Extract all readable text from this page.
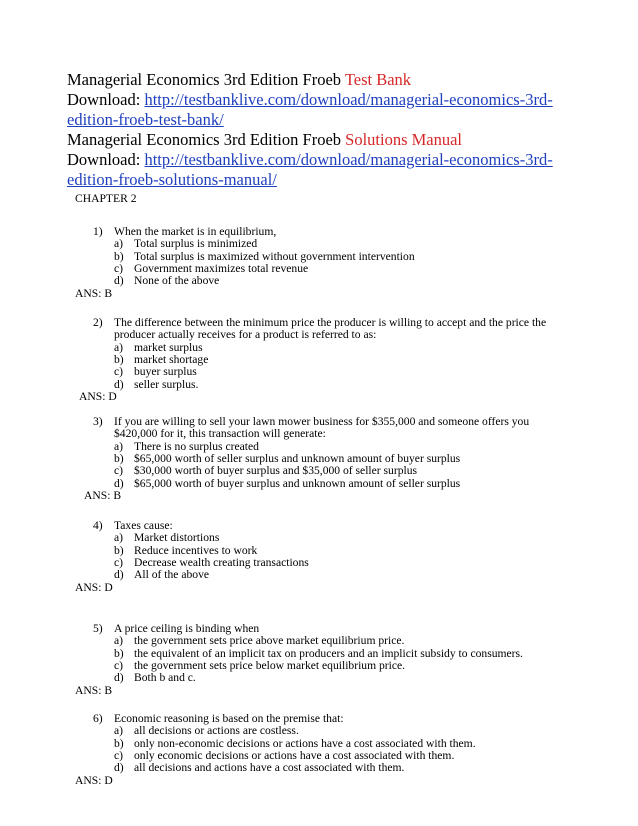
Managerial Economics 3rd Edition Froeb Test Bank
Download: http://testbanklive.com/download/managerial-economics-3rd-
edition-froeb-test-bank/
Managerial Economics 3rd Edition Froeb Solutions Manual
Download: http://testbanklive.com/download/managerial-economics-3rd-
edition-froeb-solutions-manual/
CHAPTER 2
1) When the market is in equilibrium,
a) Total surplus is minimized
b) Total surplus is maximized without government intervention
c) Government maximizes total revenue
d) None of the above
ANS: B
2) The difference between the minimum price the producer is willing to accept and the price the
producer actually receives for a product is referred to as:
a) market surplus
b) market shortage
c) buyer surplus
d) seller surplus.
ANS: D
3) If you are willing to sell your lawn mower business for $355,000 and someone offers you
$420,000 for it, this transaction will generate:
a) There is no surplus created
b) $65,000 worth of seller surplus and unknown amount of buyer surplus
c) $30,000 worth of buyer surplus and $35,000 of seller surplus
d) $65,000 worth of buyer surplus and unknown amount of seller surplus
ANS: B
4) Taxes cause:
a) Market distortions
b) Reduce incentives to work
c) Decrease wealth creating transactions
d) All of the above
ANS: D
5) A price ceiling is binding when
a) the government sets price above market equilibrium price.
b) the equivalent of an implicit tax on producers and an implicit subsidy to consumers.
c) the government sets price below market equilibrium price.
d) Both b and c.
ANS: B
6) Economic reasoning is based on the premise that:
a) all decisions or actions are costless.
b) only non-economic decisions or actions have a cost associated with them.
c) only economic decisions or actions have a cost associated with them.
d) all decisions and actions have a cost associated with them.
ANS: D
